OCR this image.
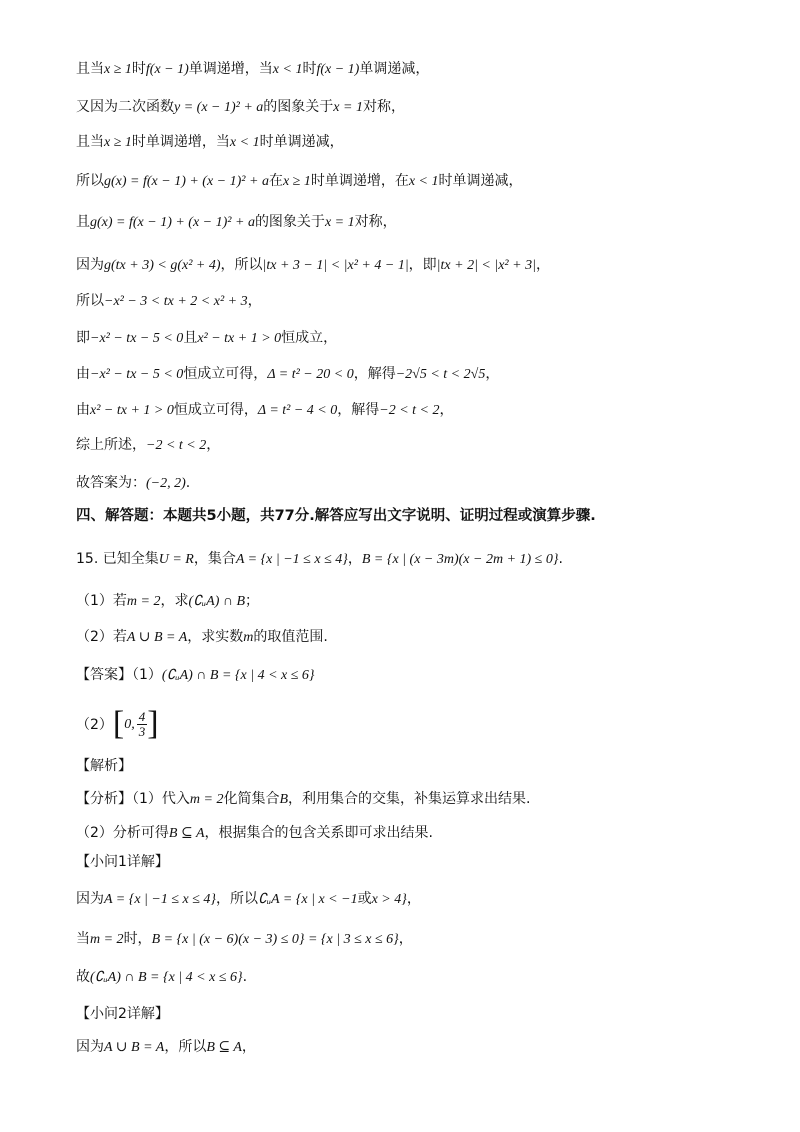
且当x ≥ 1时f(x − 1)单调递增，当x < 1时f(x − 1)单调递减，
又因为二次函数y = (x − 1)² + a的图象关于x = 1对称，
且当x ≥ 1时单调递增，当x < 1时单调递减，
所以g(x) = f(x − 1) + (x − 1)² + a在x ≥ 1时单调递增，在x < 1时单调递减，
且g(x) = f(x − 1) + (x − 1)² + a的图象关于x = 1对称，
因为g(tx + 3) < g(x² + 4)，所以|tx + 3 − 1| < |x² + 4 − 1|，即|tx + 2| < |x² + 3|，
所以−x² − 3 < tx + 2 < x² + 3，
即−x² − tx − 5 < 0且x² − tx + 1 > 0恒成立，
由−x² − tx − 5 < 0恒成立可得，Δ = t² − 20 < 0，解得−2√5 < t < 2√5，
由x² − tx + 1 > 0恒成立可得，Δ = t² − 4 < 0，解得−2 < t < 2，
综上所述，−2 < t < 2，
故答案为：(−2, 2).
四、解答题：本题共5小题，共77分.解答应写出文字说明、证明过程或演算步骤.
15. 已知全集U = R，集合A = {x | −1 ≤ x ≤ 4}，B = {x | (x − 3m)(x − 2m + 1) ≤ 0}.
（1）若m = 2，求(∁ᵤA) ∩ B；
（2）若A ∪ B = A，求实数m的取值范围.
【答案】（1）(∁ᵤA) ∩ B = {x | 4 < x ≤ 6}
（2）[0, $\frac{4}{3}$ ]
【解析】
【分析】（1）代入m = 2化简集合B，利用集合的交集，补集运算求出结果.
（2）分析可得B ⊆ A，根据集合的包含关系即可求出结果.
【小问1详解】
因为A = {x | −1 ≤ x ≤ 4}，所以∁ᵤA = {x | x < −1或x > 4}，
当m = 2时，B = {x | (x − 6)(x − 3) ≤ 0} = {x | 3 ≤ x ≤ 6}，
故(∁ᵤA) ∩ B = {x | 4 < x ≤ 6}.
【小问2详解】
因为A ∪ B = A，所以B ⊆ A，
